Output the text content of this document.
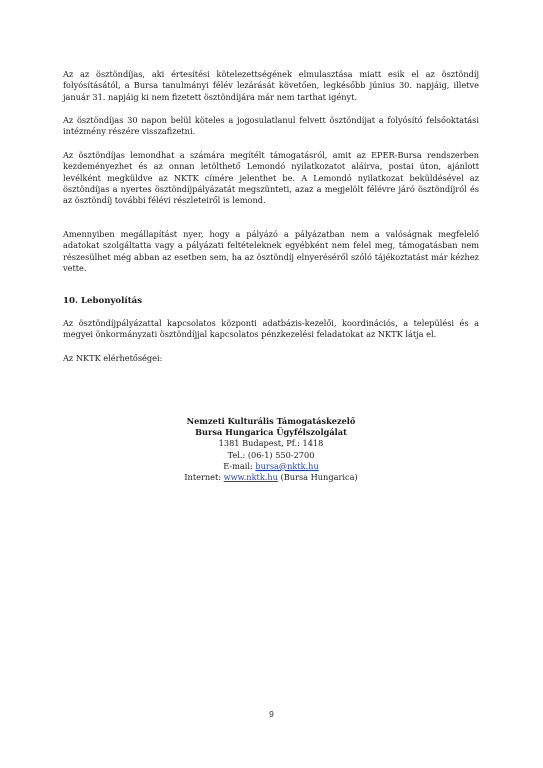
Az az ösztöndíjas, aki értesítési kötelezettségének elmulasztása miatt esik el az ösztöndíj folyósításától, a Bursa tanulmányi félév lezárását követően, legkésőbb június 30. napjáig, illetve január 31. napjáig ki nem fizetett ösztöndíjára már nem tarthat igényt.

Az ösztöndíjas 30 napon belül köteles a jogosulatlanul felvett ösztöndíjat a folyósító felsőoktatási intézmény részére visszafizetni.

Az ösztöndíjas lemondhat a számára megítélt támogatásról, amit az EPER-Bursa rendszerben kezdeményezhet és az onnan letölthető Lemondó nyilatkozatot aláírva, postai úton, ajánlott levélként megküldve az NKTK címére jelenthet be. A Lemondó nyilatkozat beküldésével az ösztöndíjas a nyertes ösztöndíjpályázatát megszünteti, azaz a megjelölt félévre járó ösztöndíjról és az ösztöndíj további félévi részleteiről is lemond.

Amennyiben megállapítást nyer, hogy a pályázó a pályázatban nem a valóságnak megfelelő adatokat szolgáltatta vagy a pályázati feltételeknek egyébként nem felel meg, támogatásban nem részesülhet még abban az esetben sem, ha az ösztöndíj elnyeréséről szóló tájékoztatást már kézhez vette.

10. Lebonyolítás

Az ösztöndíjpályázattal kapcsolatos központi adatbázis-kezelői, koordinációs, a települési és a megyei önkormányzati ösztöndíjjal kapcsolatos pénzkezelési feladatokat az NKTK látja el.

Az NKTK elérhetőségei:

Nemzeti Kulturális Támogatáskezelő
Bursa Hungarica Ügyfélszolgálat
1381 Budapest, Pf.: 1418
Tel.: (06-1) 550-2700
E-mail: bursa@nktk.hu
Internet: www.nktk.hu (Bursa Hungarica)
9
